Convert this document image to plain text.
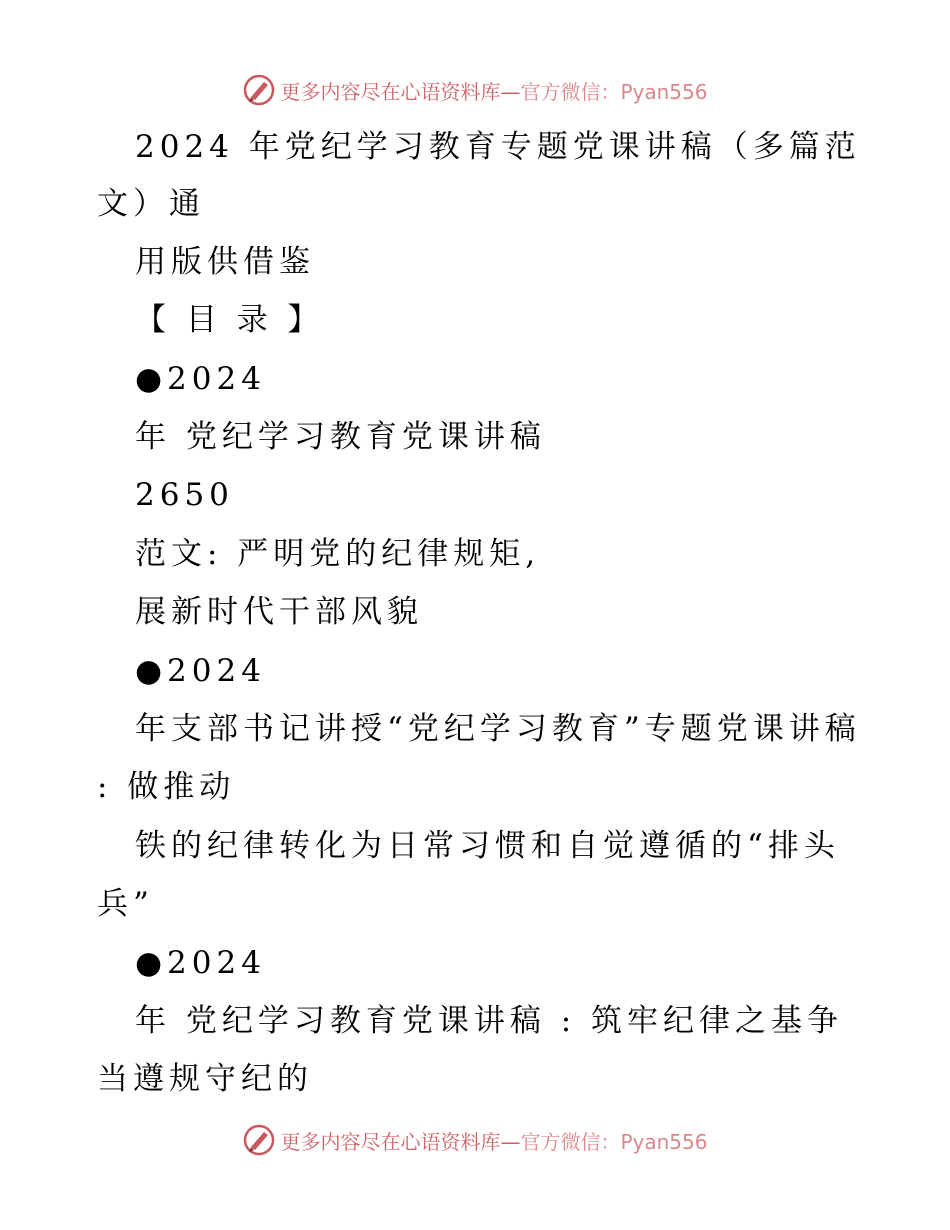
更多内容尽在心语资料库—官方微信：Pyan556
2024 年党纪学习教育专题党课讲稿（多篇范
文）通
用版供借鉴
【 目 录 】
●2024
年 党纪学习教育党课讲稿
2650
范文: 严明党的纪律规矩,
展新时代干部风貌
●2024
年支部书记讲授“党纪学习教育”专题党课讲稿
: 做推动
铁的纪律转化为日常习惯和自觉遵循的“排头
兵”
●2024
年 党纪学习教育党课讲稿 : 筑牢纪律之基争
当遵规守纪的
更多内容尽在心语资料库—官方微信：Pyan556
